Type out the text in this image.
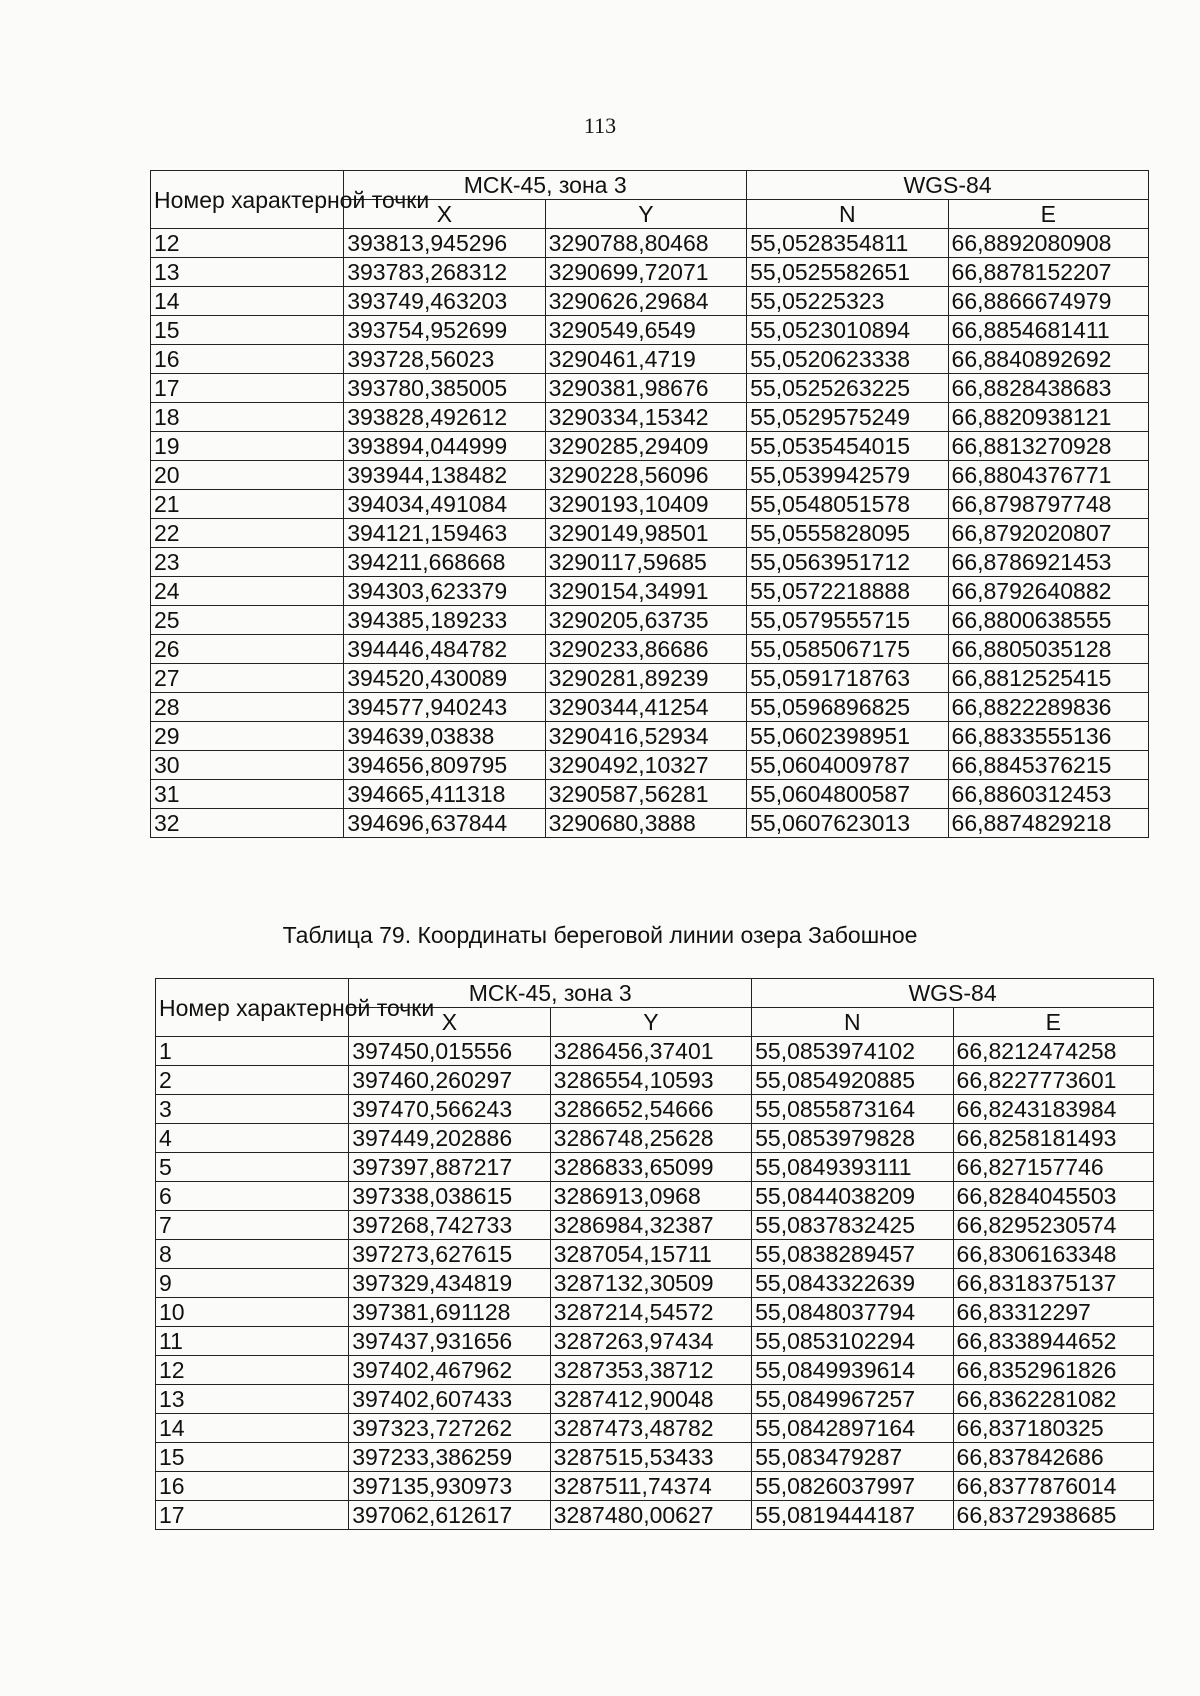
113
Номер характерной точки	МСК-45, зона 3		WGS-84	
	X	Y	N	E
12	393813,945296	3290788,80468	55,0528354811	66,8892080908
13	393783,268312	3290699,72071	55,0525582651	66,8878152207
14	393749,463203	3290626,29684	55,05225323	66,8866674979
15	393754,952699	3290549,6549	55,0523010894	66,8854681411
16	393728,56023	3290461,4719	55,0520623338	66,8840892692
17	393780,385005	3290381,98676	55,0525263225	66,8828438683
18	393828,492612	3290334,15342	55,0529575249	66,8820938121
19	393894,044999	3290285,29409	55,0535454015	66,8813270928
20	393944,138482	3290228,56096	55,0539942579	66,8804376771
21	394034,491084	3290193,10409	55,0548051578	66,8798797748
22	394121,159463	3290149,98501	55,0555828095	66,8792020807
23	394211,668668	3290117,59685	55,0563951712	66,8786921453
24	394303,623379	3290154,34991	55,0572218888	66,8792640882
25	394385,189233	3290205,63735	55,0579555715	66,8800638555
26	394446,484782	3290233,86686	55,0585067175	66,8805035128
27	394520,430089	3290281,89239	55,0591718763	66,8812525415
28	394577,940243	3290344,41254	55,0596896825	66,8822289836
29	394639,03838	3290416,52934	55,0602398951	66,8833555136
30	394656,809795	3290492,10327	55,0604009787	66,8845376215
31	394665,411318	3290587,56281	55,0604800587	66,8860312453
32	394696,637844	3290680,3888	55,0607623013	66,8874829218
Таблица 79. Координаты береговой линии озера Забошное
Номер характерной точки	МСК-45, зона 3		WGS-84	
	X	Y	N	E
1	397450,015556	3286456,37401	55,0853974102	66,8212474258
2	397460,260297	3286554,10593	55,0854920885	66,8227773601
3	397470,566243	3286652,54666	55,0855873164	66,8243183984
4	397449,202886	3286748,25628	55,0853979828	66,8258181493
5	397397,887217	3286833,65099	55,0849393111	66,827157746
6	397338,038615	3286913,0968	55,0844038209	66,8284045503
7	397268,742733	3286984,32387	55,0837832425	66,8295230574
8	397273,627615	3287054,15711	55,0838289457	66,8306163348
9	397329,434819	3287132,30509	55,0843322639	66,8318375137
10	397381,691128	3287214,54572	55,0848037794	66,83312297
11	397437,931656	3287263,97434	55,0853102294	66,8338944652
12	397402,467962	3287353,38712	55,0849939614	66,8352961826
13	397402,607433	3287412,90048	55,0849967257	66,8362281082
14	397323,727262	3287473,48782	55,0842897164	66,837180325
15	397233,386259	3287515,53433	55,083479287	66,837842686
16	397135,930973	3287511,74374	55,0826037997	66,8377876014
17	397062,612617	3287480,00627	55,0819444187	66,8372938685
